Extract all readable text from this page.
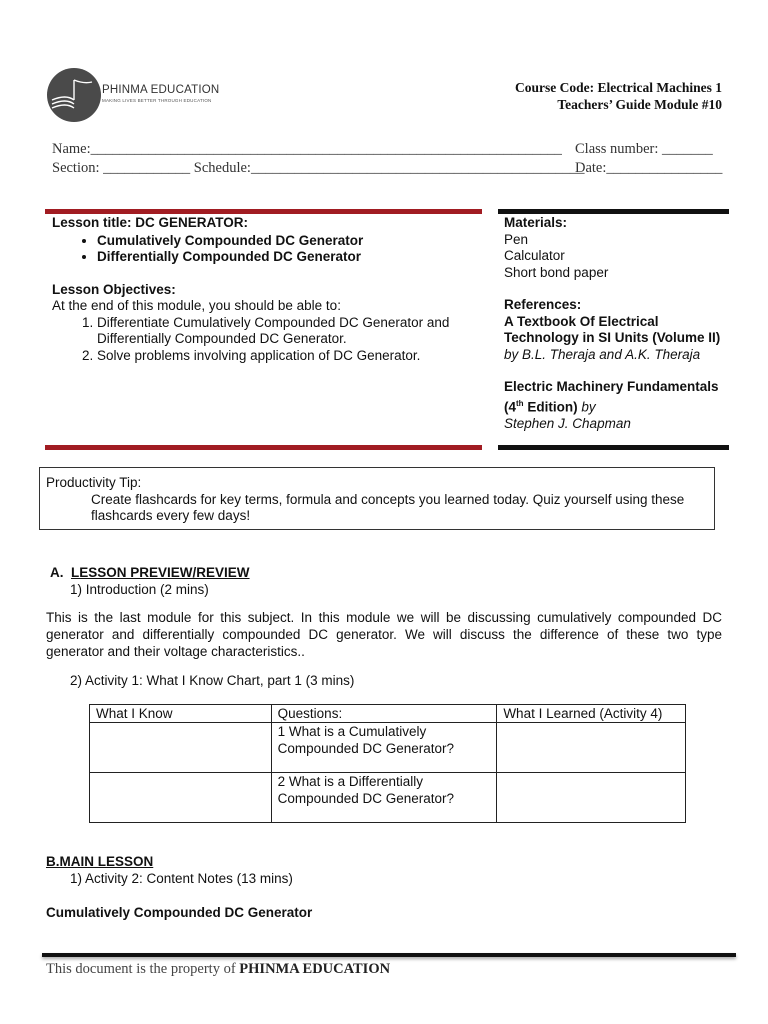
PHINMA EDUCATION
MAKING LIVES BETTER THROUGH EDUCATION
Course Code: Electrical Machines 1
Teachers’ Guide Module #10
Name:_________________________________________________________________ Class number: _______
Section: ____________ Schedule:______________________________________________
Date:________________
Lesson title: DC GENERATOR:
• Cumulatively Compounded DC Generator
• Differentially Compounded DC Generator
Lesson Objectives:
At the end of this module, you should be able to:
1. Differentiate Cumulatively Compounded DC Generator and Differentially Compounded DC Generator.
2. Solve problems involving application of DC Generator.
Materials:
Pen
Calculator
Short bond paper
References:
A Textbook Of Electrical Technology in SI Units (Volume II) by B.L. Theraja and A.K. Theraja
Electric Machinery Fundamentals (4th Edition) by
Stephen J. Chapman
Productivity Tip:
Create flashcards for key terms, formula and concepts you learned today. Quiz yourself using these flashcards every few days!
A. LESSON PREVIEW/REVIEW
1) Introduction (2 mins)
This is the last module for this subject. In this module we will be discussing cumulatively compounded DC generator and differentially compounded DC generator. We will discuss the difference of these two type generator and their voltage characteristics..
2) Activity 1: What I Know Chart, part 1 (3 mins)
What I Know	Questions:	What I Learned (Activity 4)
	1 What is a Cumulatively Compounded DC Generator?	
	2 What is a Differentially Compounded DC Generator?	
B.MAIN LESSON
1) Activity 2: Content Notes (13 mins)
Cumulatively Compounded DC Generator
This document is the property of PHINMA EDUCATION
